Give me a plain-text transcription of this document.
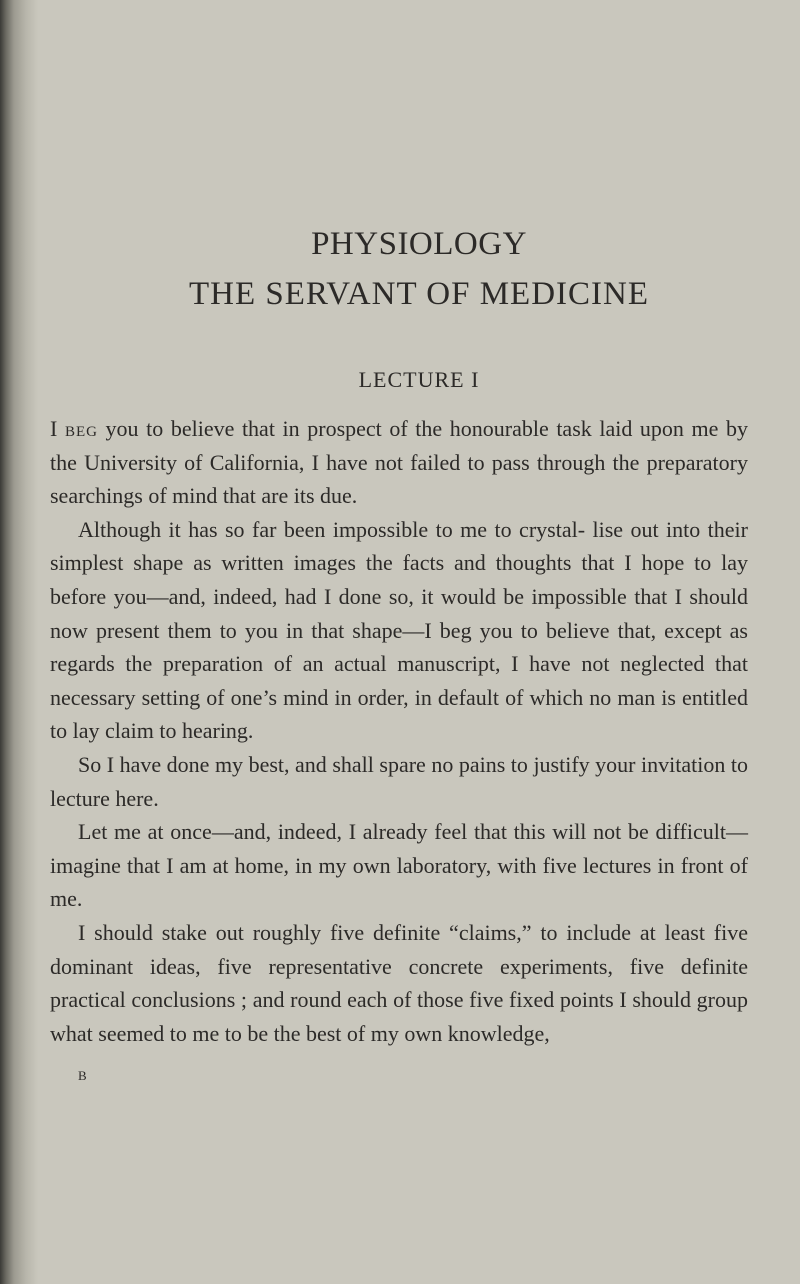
PHYSIOLOGY
THE SERVANT OF MEDICINE
LECTURE I

I beg you to believe that in prospect of the honourable task laid upon me by the University of California, I have not failed to pass through the preparatory searchings of mind that are its due.

Although it has so far been impossible to me to crystal- lise out into their simplest shape as written images the facts and thoughts that I hope to lay before you—and, indeed, had I done so, it would be impossible that I should now present them to you in that shape—I beg you to believe that, except as regards the preparation of an actual manuscript, I have not neglected that necessary setting of one’s mind in order, in default of which no man is entitled to lay claim to hearing.

So I have done my best, and shall spare no pains to justify your invitation to lecture here.

Let me at once—and, indeed, I already feel that this will not be difficult—imagine that I am at home, in my own laboratory, with five lectures in front of me.

I should stake out roughly five definite “claims,” to include at least five dominant ideas, five representative concrete experiments, five definite practical conclusions ; and round each of those five fixed points I should group what seemed to me to be the best of my own knowledge,

B
